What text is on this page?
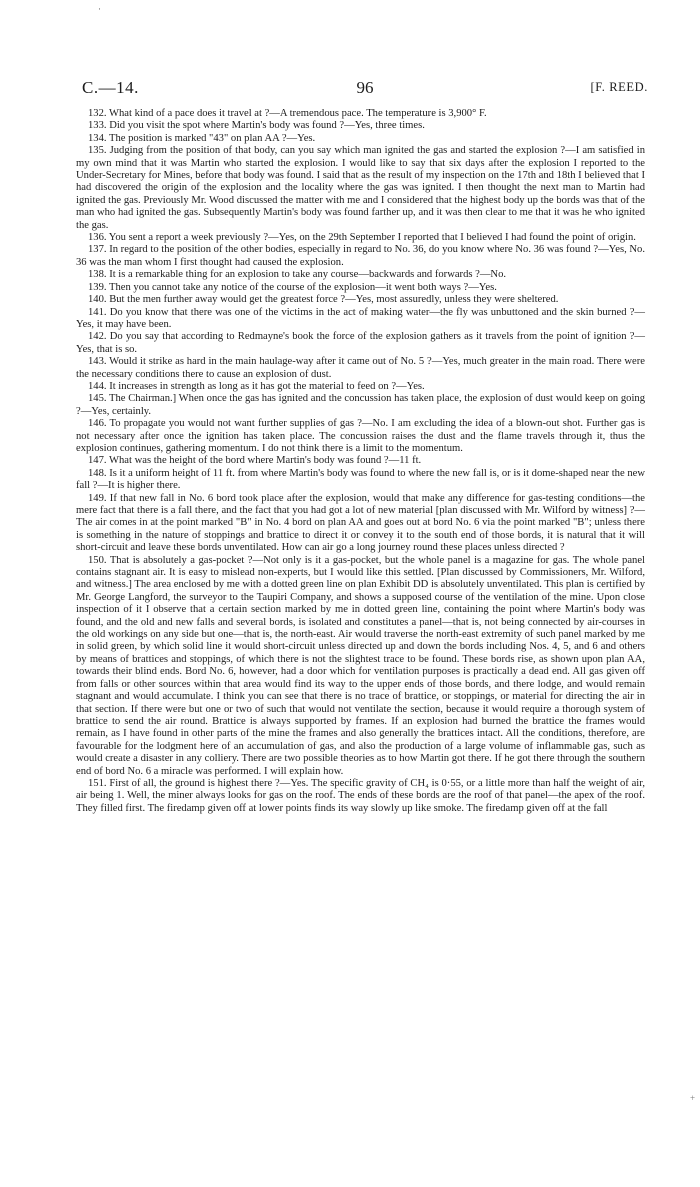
·
C.—14.	96	[F. REED.

132. What kind of a pace does it travel at ?—A tremendous pace. The temperature is 3,900° F.

133. Did you visit the spot where Martin's body was found ?—Yes, three times.

134. The position is marked "43" on plan AA ?—Yes.

135. Judging from the position of that body, can you say which man ignited the gas and started the explosion ?—I am satisfied in my own mind that it was Martin who started the explosion. I would like to say that six days after the explosion I reported to the Under-Secretary for Mines, before that body was found. I said that as the result of my inspection on the 17th and 18th I believed that I had discovered the origin of the explosion and the locality where the gas was ignited. I then thought the next man to Martin had ignited the gas. Previously Mr. Wood discussed the matter with me and I considered that the highest body up the bords was that of the man who had ignited the gas. Subsequently Martin's body was found farther up, and it was then clear to me that it was he who ignited the gas.

136. You sent a report a week previously ?—Yes, on the 29th September I reported that I believed I had found the point of origin.

137. In regard to the position of the other bodies, especially in regard to No. 36, do you know where No. 36 was found ?—Yes, No. 36 was the man whom I first thought had caused the explosion.

138. It is a remarkable thing for an explosion to take any course—backwards and forwards ?—No.

139. Then you cannot take any notice of the course of the explosion—it went both ways ?—Yes.

140. But the men further away would get the greatest force ?—Yes, most assuredly, unless they were sheltered.

141. Do you know that there was one of the victims in the act of making water—the fly was unbuttoned and the skin burned ?—Yes, it may have been.

142. Do you say that according to Redmayne's book the force of the explosion gathers as it travels from the point of ignition ?—Yes, that is so.

143. Would it strike as hard in the main haulage-way after it came out of No. 5 ?—Yes, much greater in the main road. There were the necessary conditions there to cause an explosion of dust.

144. It increases in strength as long as it has got the material to feed on ?—Yes.

145. The Chairman.] When once the gas has ignited and the concussion has taken place, the explosion of dust would keep on going ?—Yes, certainly.

146. To propagate you would not want further supplies of gas ?—No. I am excluding the idea of a blown-out shot. Further gas is not necessary after once the ignition has taken place. The concussion raises the dust and the flame travels through it, thus the explosion continues, gathering momentum. I do not think there is a limit to the momentum.

147. What was the height of the bord where Martin's body was found ?—11 ft.

148. Is it a uniform height of 11 ft. from where Martin's body was found to where the new fall is, or is it dome-shaped near the new fall ?—It is higher there.

149. If that new fall in No. 6 bord took place after the explosion, would that make any difference for gas-testing conditions—the mere fact that there is a fall there, and the fact that you had got a lot of new material [plan discussed with Mr. Wilford by witness] ?—The air comes in at the point marked "B" in No. 4 bord on plan AA and goes out at bord No. 6 via the point marked "B"; unless there is something in the nature of stoppings and brattice to direct it or convey it to the south end of those bords, it is natural that it will short-circuit and leave these bords unventilated. How can air go a long journey round these places unless directed ?

150. That is absolutely a gas-pocket ?—Not only is it a gas-pocket, but the whole panel is a magazine for gas. The whole panel contains stagnant air. It is easy to mislead non-experts, but I would like this settled. [Plan discussed by Commissioners, Mr. Wilford, and witness.] The area enclosed by me with a dotted green line on plan Exhibit DD is absolutely unventilated. This plan is certified by Mr. George Langford, the surveyor to the Taupiri Company, and shows a supposed course of the ventilation of the mine. Upon close inspection of it I observe that a certain section marked by me in dotted green line, containing the point where Martin's body was found, and the old and new falls and several bords, is isolated and constitutes a panel—that is, not being connected by air-courses in the old workings on any side but one—that is, the north-east. Air would traverse the north-east extremity of such panel marked by me in solid green, by which solid line it would short-circuit unless directed up and down the bords including Nos. 4, 5, and 6 and others by means of brattices and stoppings, of which there is not the slightest trace to be found. These bords rise, as shown upon plan AA, towards their blind ends. Bord No. 6, however, had a door which for ventilation purposes is practically a dead end. All gas given off from falls or other sources within that area would find its way to the upper ends of those bords, and there lodge, and would remain stagnant and would accumulate. I think you can see that there is no trace of brattice, or stoppings, or material for directing the air in that section. If there were but one or two of such that would not ventilate the section, because it would require a thorough system of brattice to send the air round. Brattice is always supported by frames. If an explosion had burned the brattice the frames would remain, as I have found in other parts of the mine the frames and also generally the brattices intact. All the conditions, therefore, are favourable for the lodgment here of an accumulation of gas, and also the production of a large volume of inflammable gas, such as would create a disaster in any colliery. There are two possible theories as to how Martin got there. If he got there through the southern end of bord No. 6 a miracle was performed. I will explain how.

151. First of all, the ground is highest there ?—Yes. The specific gravity of CH₄ is 0·55, or a little more than half the weight of air, air being 1. Well, the miner always looks for gas on the roof. The ends of these bords are the roof of that panel—the apex of the roof. They filled first. The firedamp given off at lower points finds its way slowly up like smoke. The firedamp given off at the fall

+
